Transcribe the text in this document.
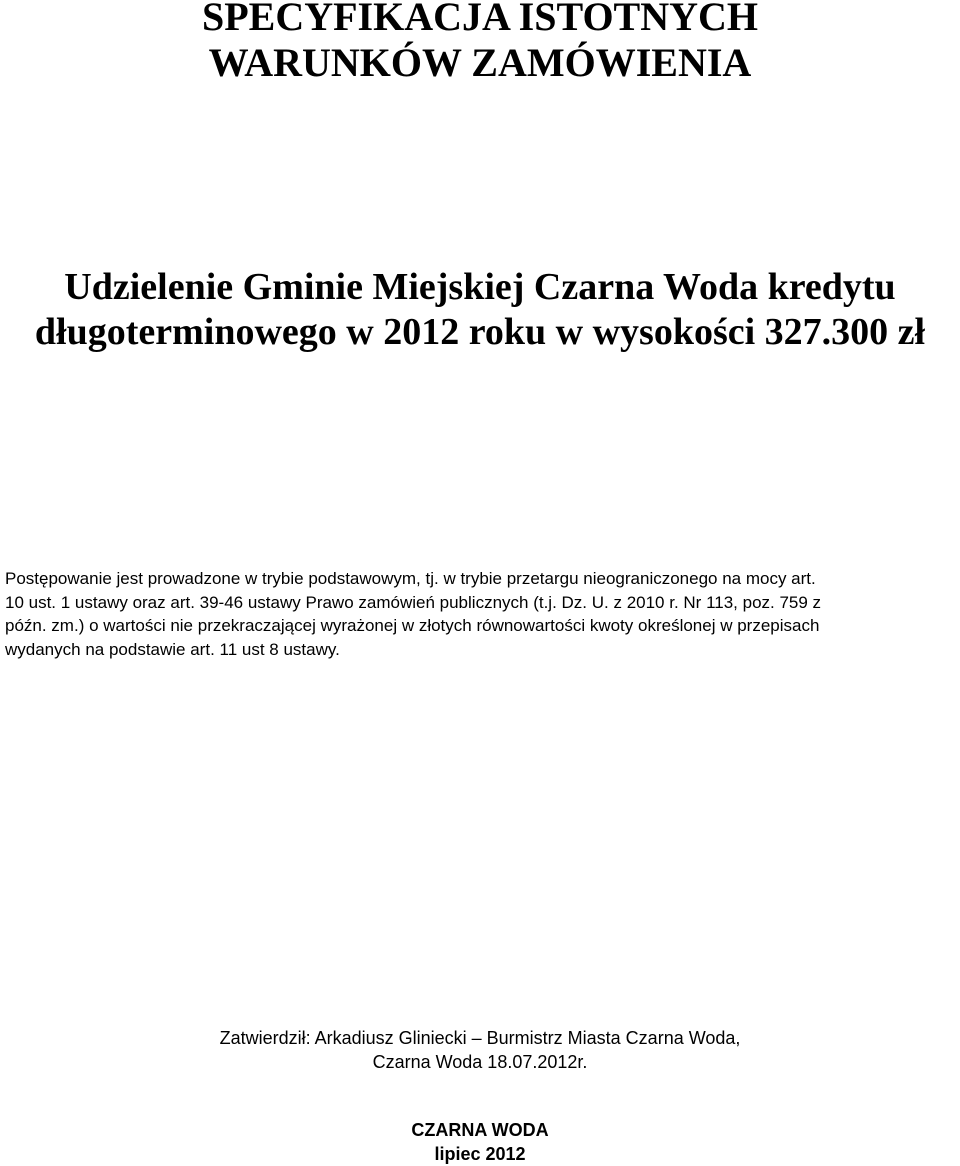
SPECYFIKACJA ISTOTNYCH
WARUNKÓW ZAMÓWIENIA
Udzielenie Gminie Miejskiej Czarna Woda kredytu
długoterminowego w 2012 roku w wysokości 327.300 zł

Postępowanie jest prowadzone w trybie podstawowym, tj. w trybie przetargu nieograniczonego na mocy art.
10 ust. 1 ustawy oraz art. 39-46 ustawy Prawo zamówień publicznych (t.j. Dz. U. z 2010 r. Nr 113, poz. 759 z
późn. zm.) o wartości nie przekraczającej wyrażonej w złotych równowartości kwoty określonej w przepisach
wydanych na podstawie art. 11 ust 8 ustawy.

Zatwierdził: Arkadiusz Gliniecki – Burmistrz Miasta Czarna Woda,
Czarna Woda 18.07.2012r.
CZARNA WODA
lipiec 2012
